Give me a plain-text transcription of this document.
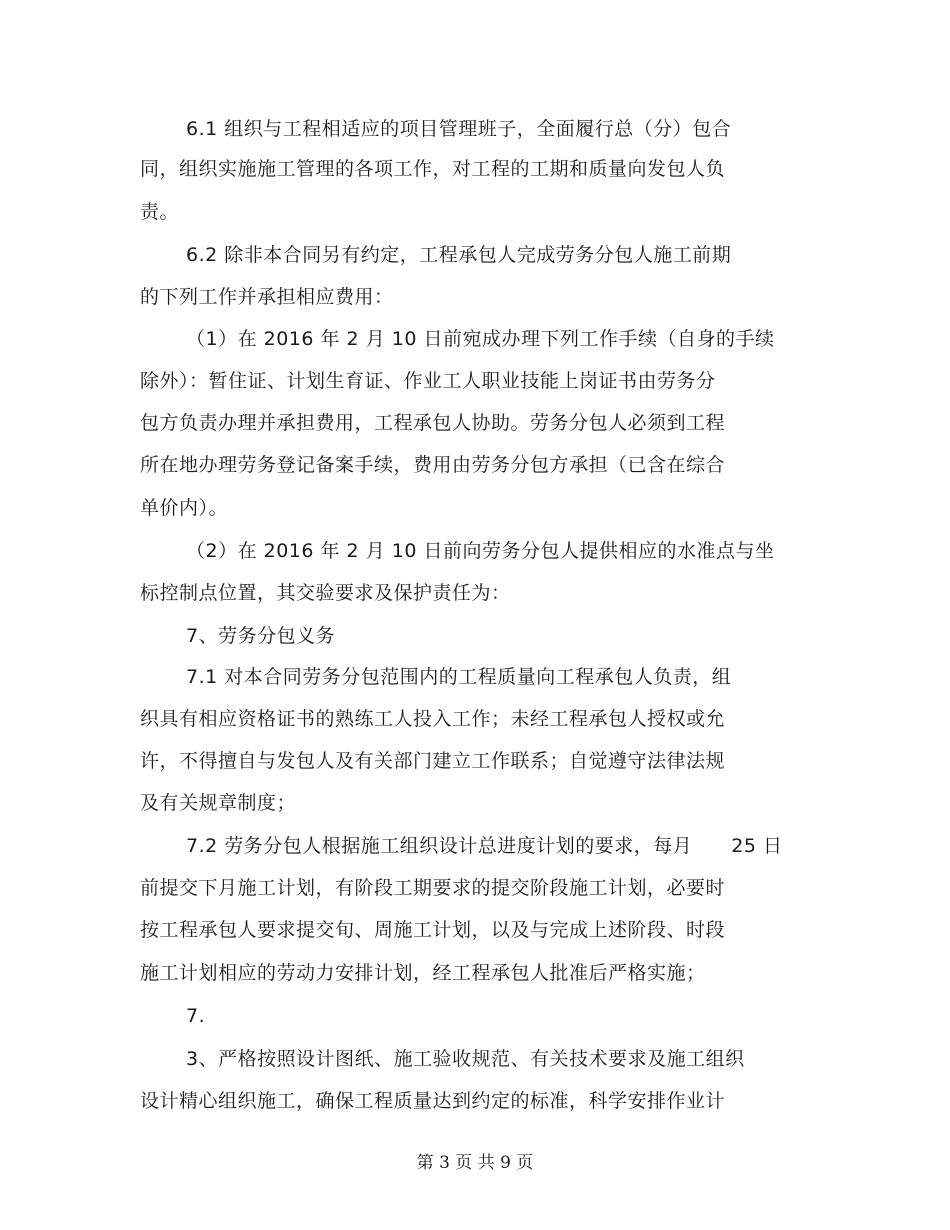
6.1 组织与工程相适应的项目管理班子，全面履行总（分）包合
同，组织实施施工管理的各项工作，对工程的工期和质量向发包人负
责。
6.2 除非本合同另有约定，工程承包人完成劳务分包人施工前期
的下列工作并承担相应费用：
（1）在 2016 年 2 月 10 日前宛成办理下列工作手续（自身的手续
除外）：暂住证、计划生育证、作业工人职业技能上岗证书由劳务分
包方负责办理并承担费用，工程承包人协助。劳务分包人必须到工程
所在地办理劳务登记备案手续，费用由劳务分包方承担（已含在综合
单价内）。
（2）在 2016 年 2 月 10 日前向劳务分包人提供相应的水准点与坐
标控制点位置，其交验要求及保护责任为：
7、劳务分包义务
7.1 对本合同劳务分包范围内的工程质量向工程承包人负责，组
织具有相应资格证书的熟练工人投入工作；未经工程承包人授权或允
许，不得擅自与发包人及有关部门建立工作联系；自觉遵守法律法规
及有关规章制度；
7.2 劳务分包人根据施工组织设计总进度计划的要求，每月　　25 日
前提交下月施工计划，有阶段工期要求的提交阶段施工计划，必要时
按工程承包人要求提交旬、周施工计划，以及与完成上述阶段、时段
施工计划相应的劳动力安排计划，经工程承包人批准后严格实施；
7.
3、严格按照设计图纸、施工验收规范、有关技术要求及施工组织
设计精心组织施工，确保工程质量达到约定的标准，科学安排作业计
第 3 页 共 9 页
